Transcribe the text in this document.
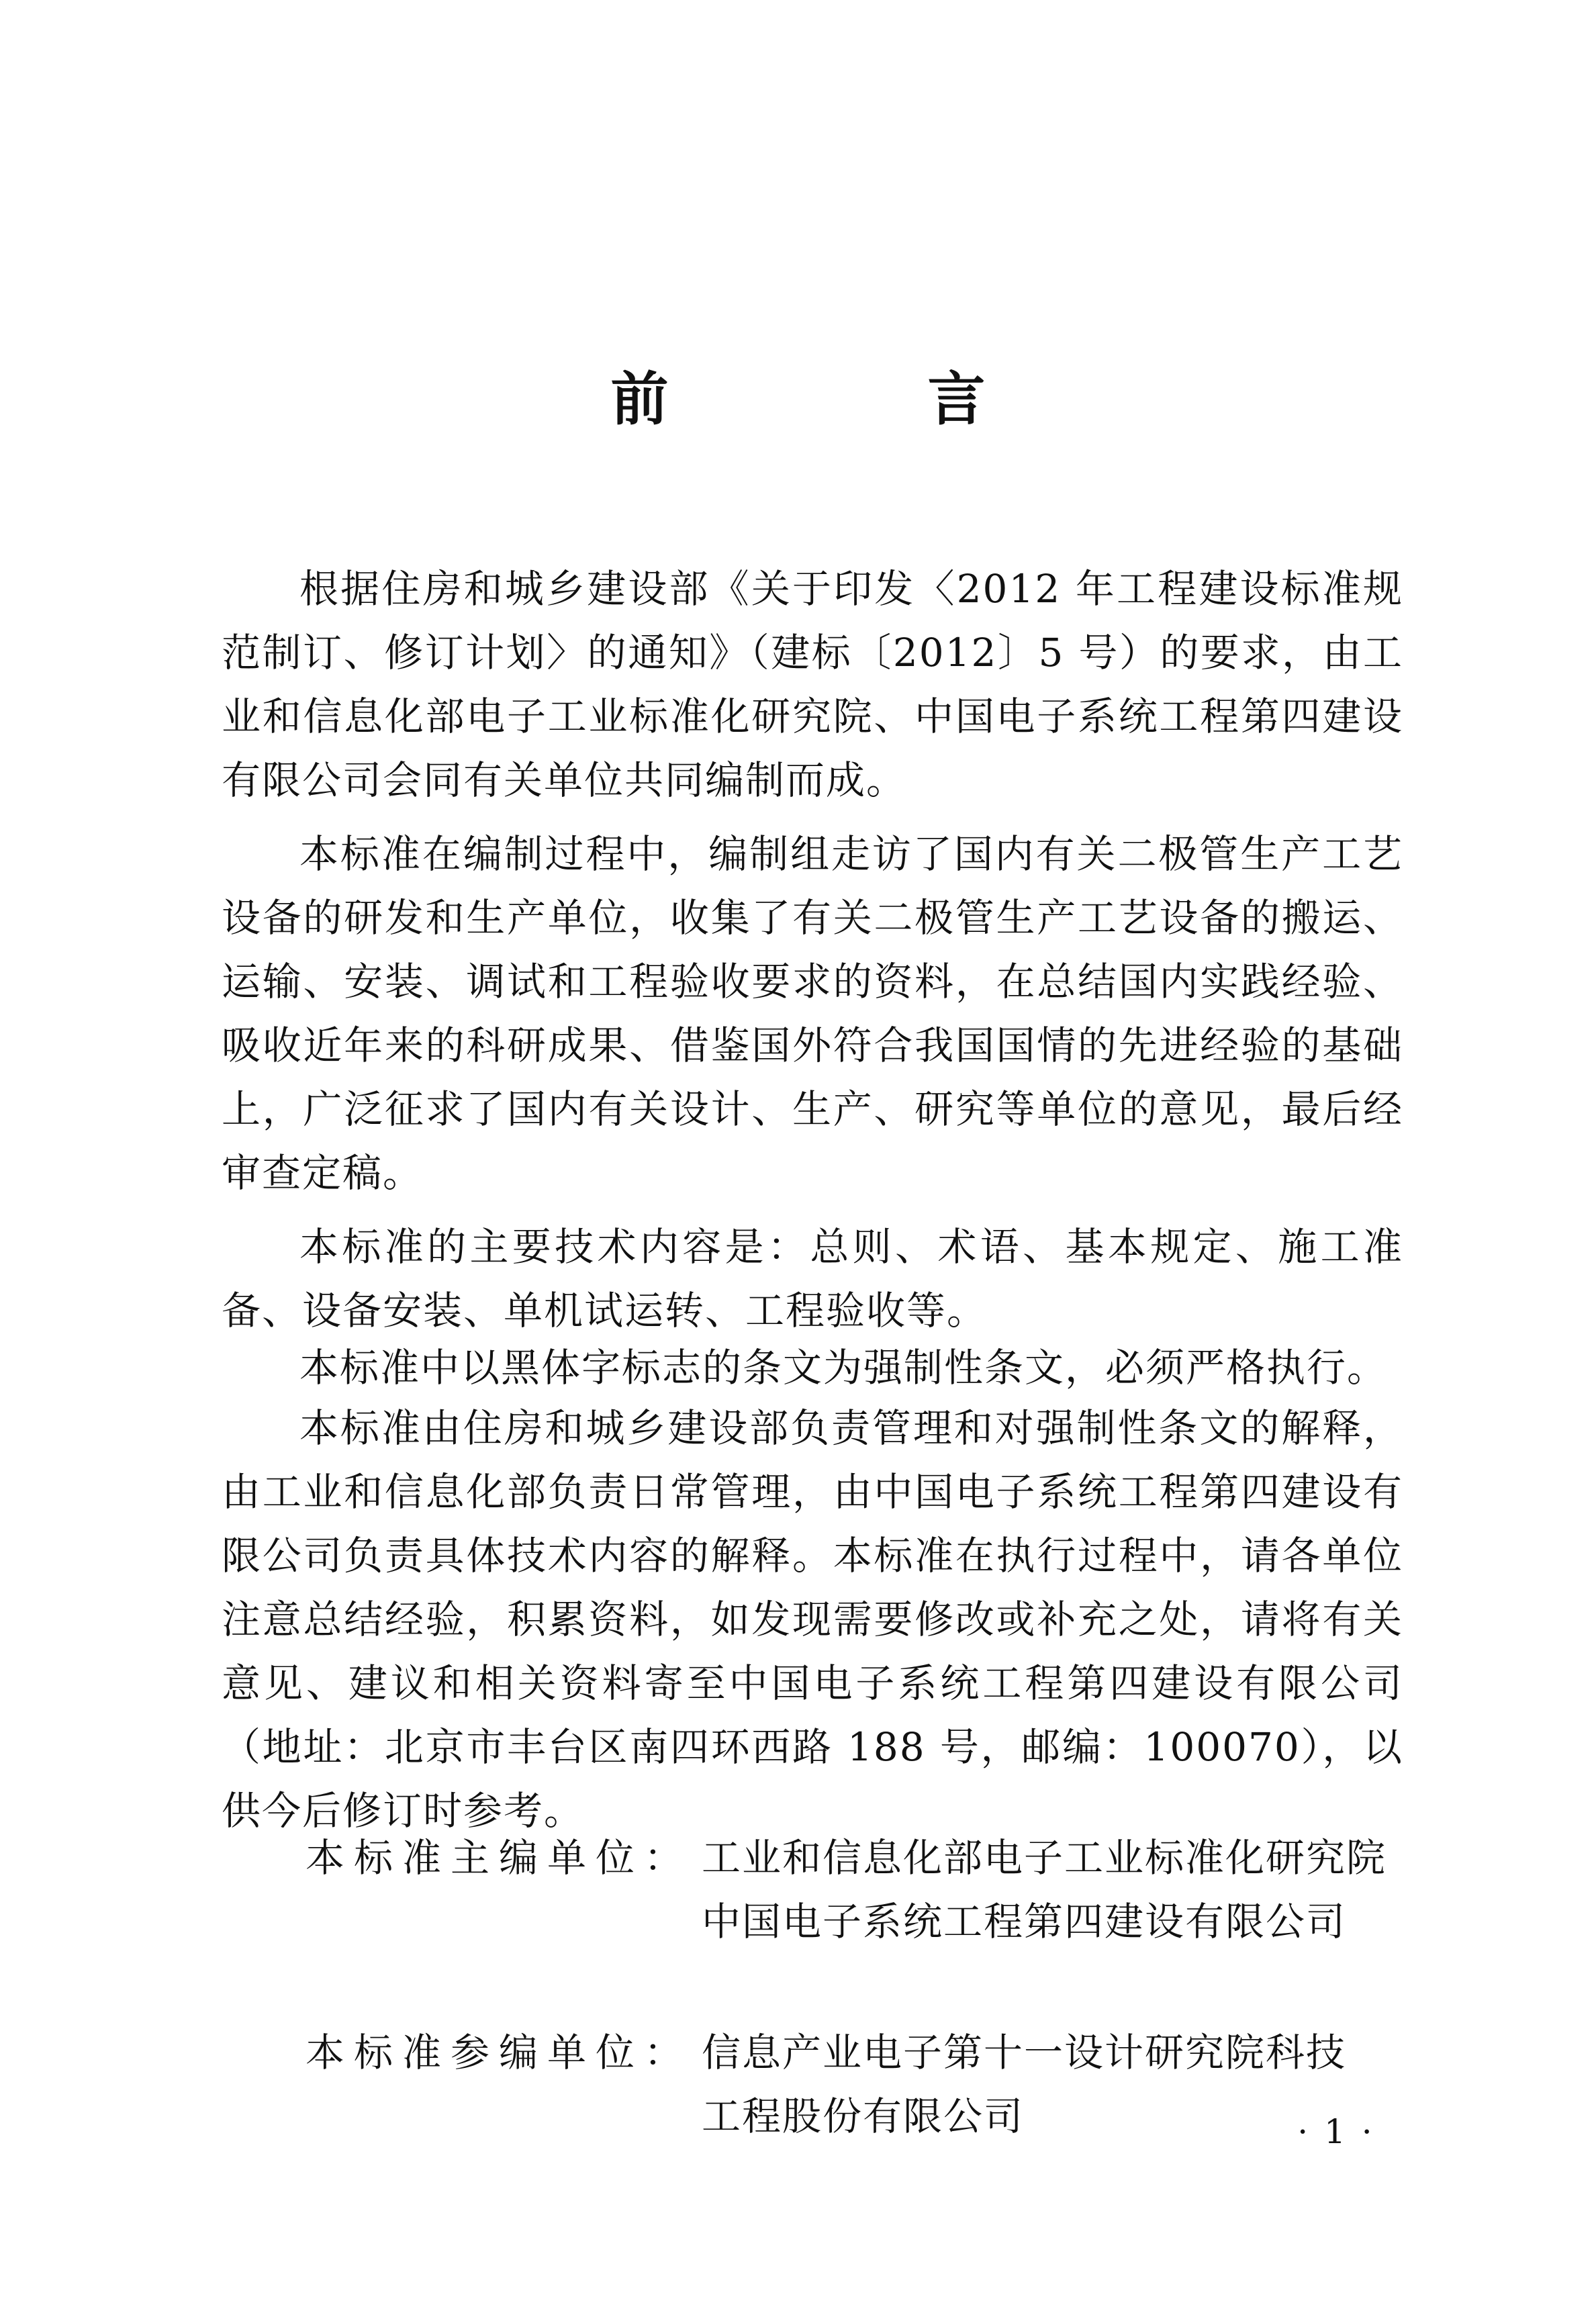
前　言

根据住房和城乡建设部《关于印发〈2012 年工程建设标准规范制订、修订计划〉的通知》（建标〔2012〕5 号）的要求，由工业和信息化部电子工业标准化研究院、中国电子系统工程第四建设有限公司会同有关单位共同编制而成。

本标准在编制过程中，编制组走访了国内有关二极管生产工艺设备的研发和生产单位，收集了有关二极管生产工艺设备的搬运、运输、安装、调试和工程验收要求的资料，在总结国内实践经验、吸收近年来的科研成果、借鉴国外符合我国国情的先进经验的基础上，广泛征求了国内有关设计、生产、研究等单位的意见，最后经审查定稿。

本标准的主要技术内容是：总则、术语、基本规定、施工准备、设备安装、单机试运转、工程验收等。

本标准中以黑体字标志的条文为强制性条文，必须严格执行。

本标准由住房和城乡建设部负责管理和对强制性条文的解释，由工业和信息化部负责日常管理，由中国电子系统工程第四建设有限公司负责具体技术内容的解释。本标准在执行过程中，请各单位注意总结经验，积累资料，如发现需要修改或补充之处，请将有关意见、建议和相关资料寄至中国电子系统工程第四建设有限公司（地址：北京市丰台区南四环西路 188 号，邮编：100070），以供今后修订时参考。

本标准主编单位： 工业和信息化部电子工业标准化研究院
中国电子系统工程第四建设有限公司
本标准参编单位： 信息产业电子第十一设计研究院科技
工程股份有限公司	· 1 ·
